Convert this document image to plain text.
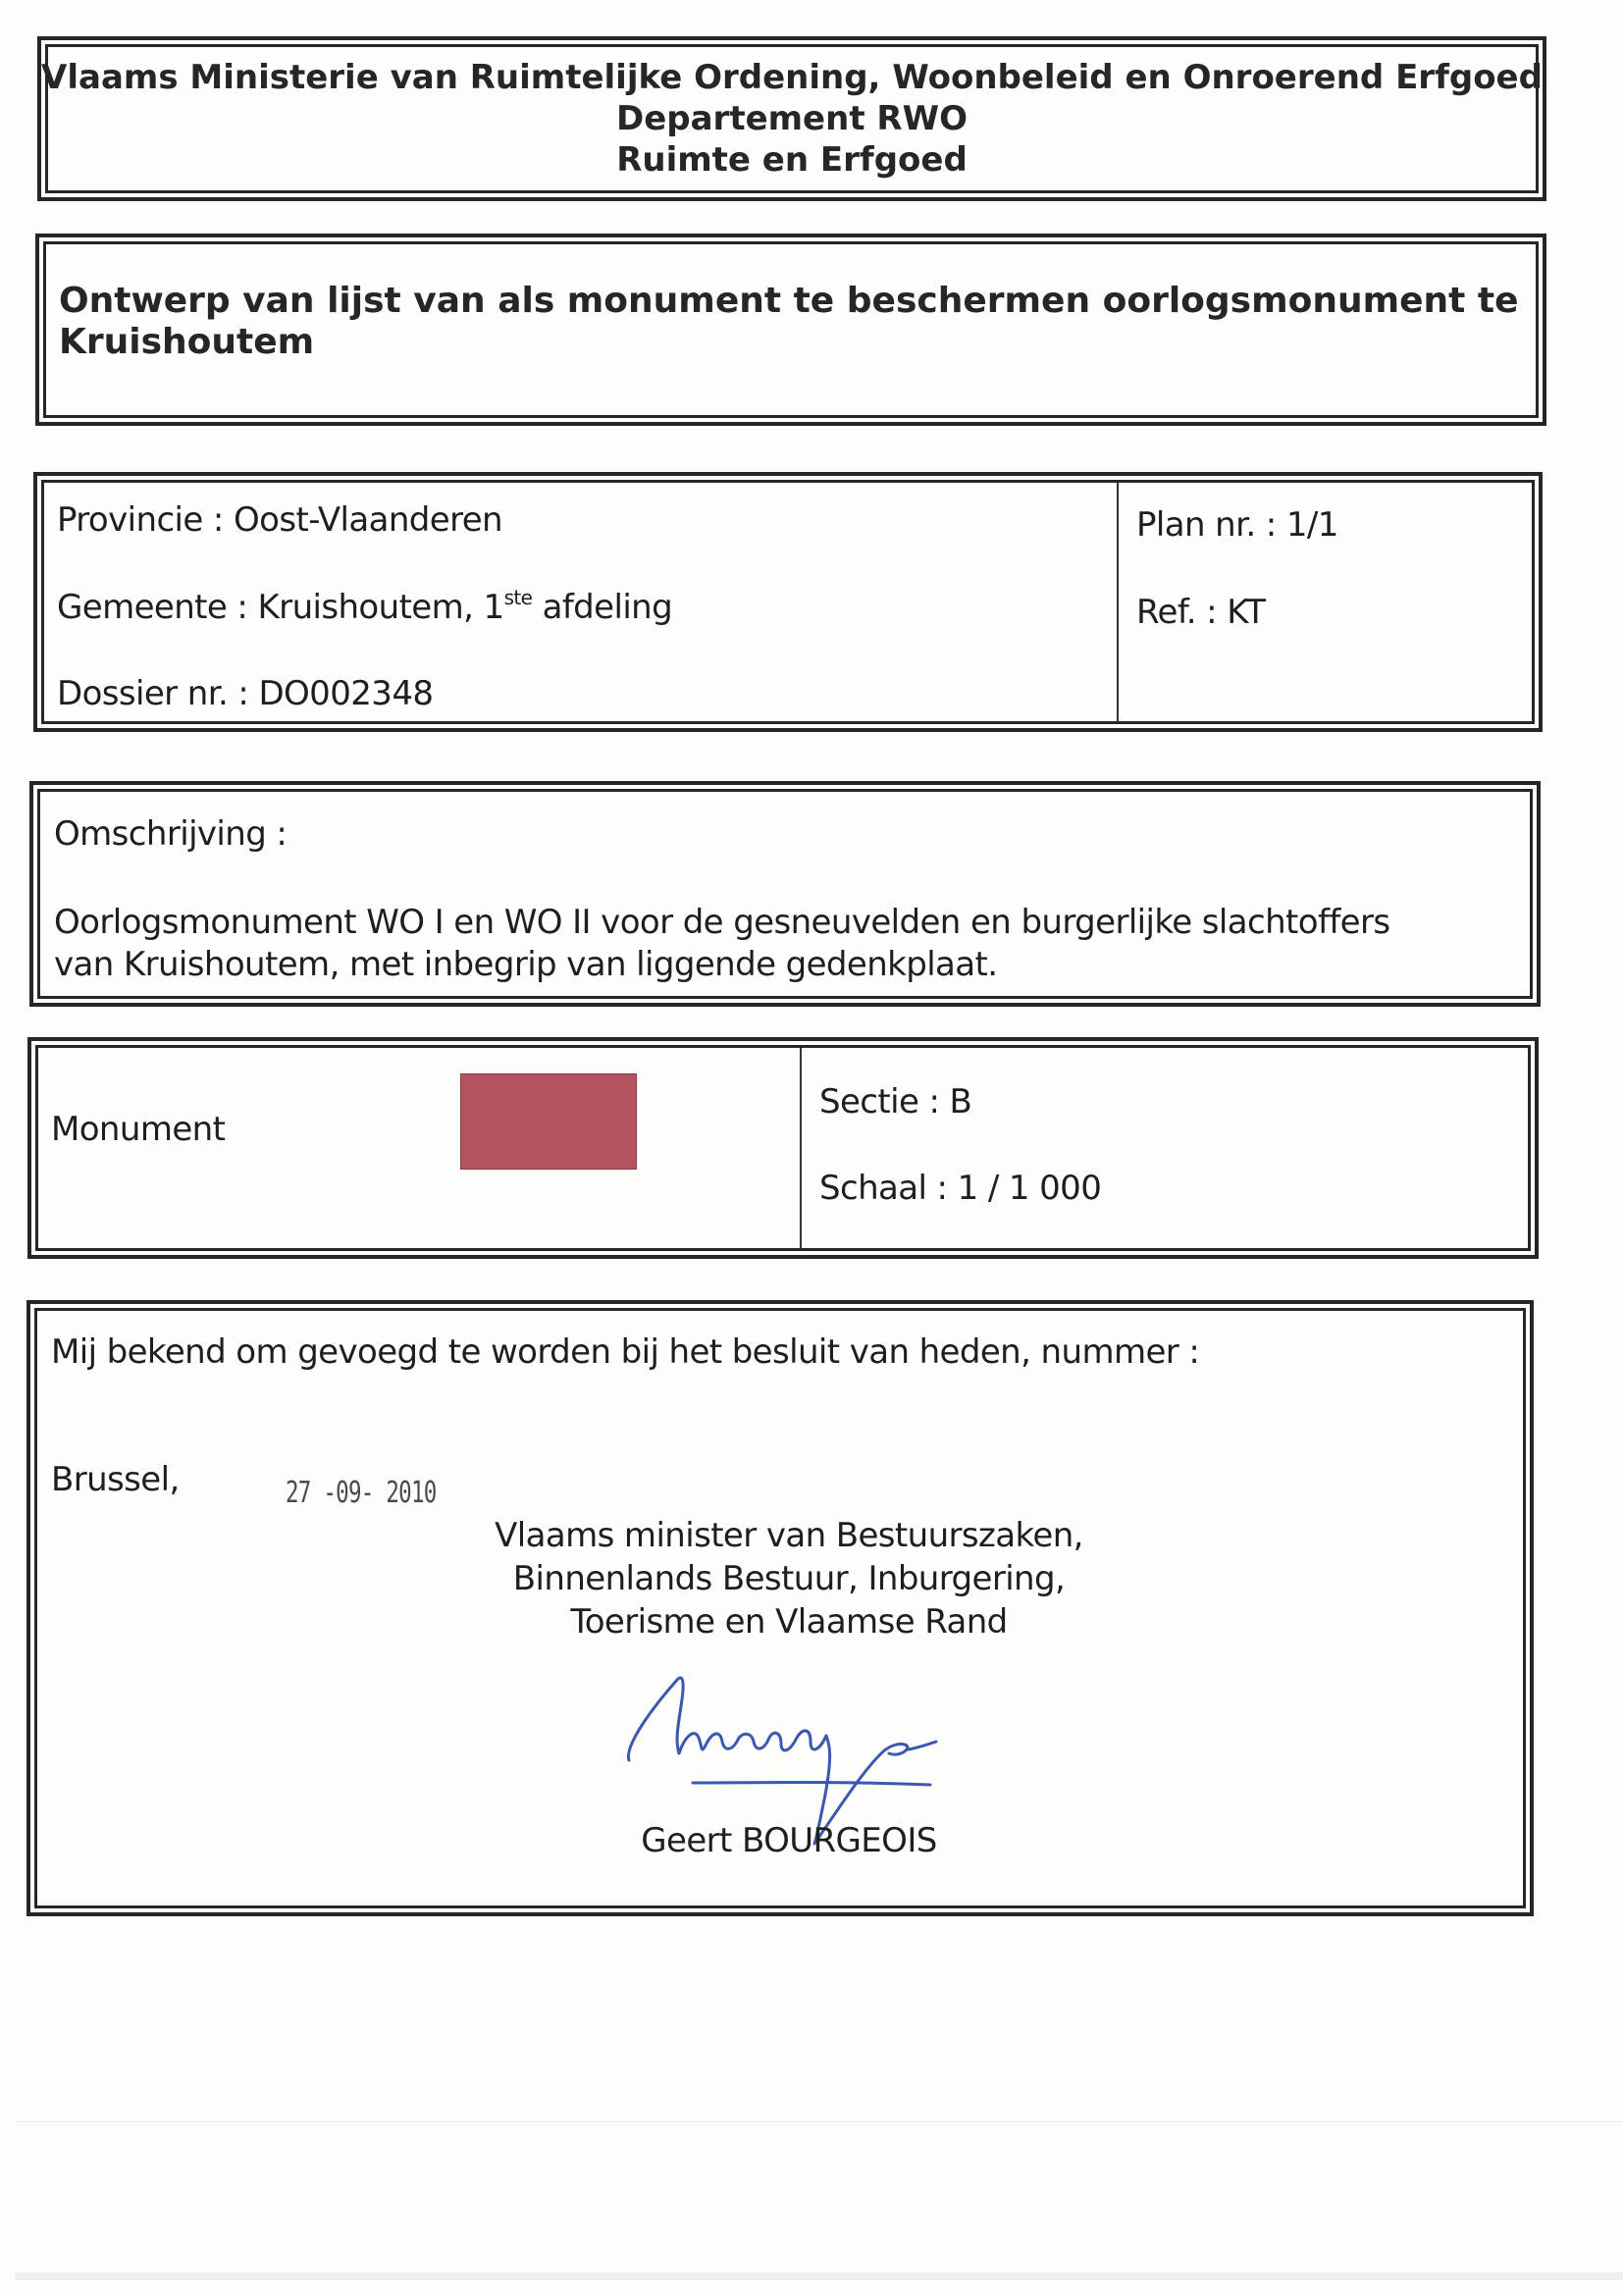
Vlaams Ministerie van Ruimtelijke Ordening, Woonbeleid en Onroerend Erfgoed
Departement RWO
Ruimte en Erfgoed
Ontwerp van lijst van als monument te beschermen oorlogsmonument te
Kruishoutem
Provincie : Oost-Vlaanderen
Gemeente : Kruishoutem, 1ste afdeling
Dossier nr. : DO002348
Plan nr. : 1/1
Ref. : KT
Omschrijving :
Oorlogsmonument WO I en WO II voor de gesneuvelden en burgerlijke slachtoffers
van Kruishoutem, met inbegrip van liggende gedenkplaat.
Monument
Sectie : B
Schaal : 1 / 1 000
Mij bekend om gevoegd te worden bij het besluit van heden, nummer :
Brussel,	27 -09- 2010
Vlaams minister van Bestuurszaken,
Binnenlands Bestuur, Inburgering,
Toerisme en Vlaamse Rand
Geert BOURGEOIS
